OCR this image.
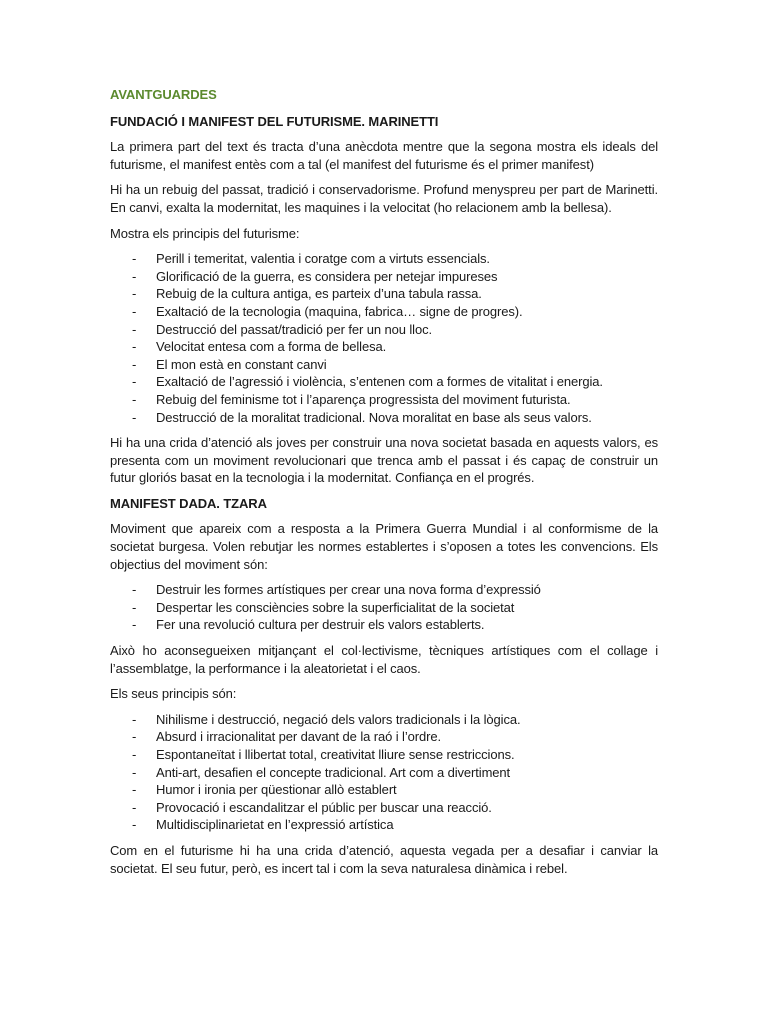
AVANTGUARDES
FUNDACIÓ I MANIFEST DEL FUTURISME. MARINETTI

La primera part del text és tracta d’una anècdota mentre que la segona mostra els ideals del futurisme, el manifest entès com a tal (el manifest del futurisme és el primer manifest)

Hi ha un rebuig del passat, tradició i conservadorisme. Profund menyspreu per part de Marinetti. En canvi, exalta la modernitat, les maquines i la velocitat (ho relacionem amb la bellesa).

Mostra els principis del futurisme:

- Perill i temeritat, valentia i coratge com a virtuts essencials.
- Glorificació de la guerra, es considera per netejar impureses
- Rebuig de la cultura antiga, es parteix d’una tabula rassa.
- Exaltació de la tecnologia (maquina, fabrica… signe de progres).
- Destrucció del passat/tradició per fer un nou lloc.
- Velocitat entesa com a forma de bellesa.
- El mon està en constant canvi
- Exaltació de l’agressió i violència, s’entenen com a formes de vitalitat i energia.
- Rebuig del feminisme tot i l’aparença progressista del moviment futurista.
- Destrucció de la moralitat tradicional. Nova moralitat en base als seus valors.

Hi ha una crida d’atenció als joves per construir una nova societat basada en aquests valors, es presenta com un moviment revolucionari que trenca amb el passat i és capaç de construir un futur gloriós basat en la tecnologia i la modernitat. Confiança en el progrés.

MANIFEST DADA. TZARA

Moviment que apareix com a resposta a la Primera Guerra Mundial i al conformisme de la societat burgesa. Volen rebutjar les normes establertes i s’oposen a totes les convencions. Els objectius del moviment són:

- Destruir les formes artístiques per crear una nova forma d’expressió
- Despertar les consciències sobre la superficialitat de la societat
- Fer una revolució cultura per destruir els valors establerts.

Això ho aconsegueixen mitjançant el col·lectivisme, tècniques artístiques com el collage i l’assemblatge, la performance i la aleatorietat i el caos.

Els seus principis són:

- Nihilisme i destrucció, negació dels valors tradicionals i la lògica.
- Absurd i irracionalitat per davant de la raó i l’ordre.
- Espontaneïtat i llibertat total, creativitat lliure sense restriccions.
- Anti-art, desafien el concepte tradicional. Art com a divertiment
- Humor i ironia per qüestionar allò establert
- Provocació i escandalitzar el públic per buscar una reacció.
- Multidisciplinarietat en l’expressió artística

Com en el futurisme hi ha una crida d’atenció, aquesta vegada per a desafiar i canviar la societat. El seu futur, però, es incert tal i com la seva naturalesa dinàmica i rebel.
